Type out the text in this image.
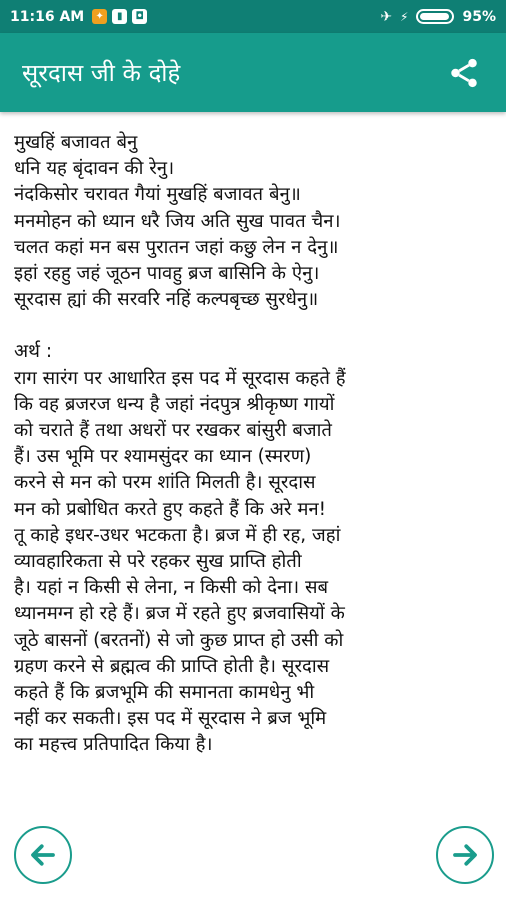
11:16 AM	✦	▮	◘	✈ ⚡	95%
सूरदास जी के दोहे
मुखहिं बजावत बेनु
धनि यह बृंदावन की रेनु।
नंदकिसोर चरावत गैयां मुखहिं बजावत बेनु॥
मनमोहन को ध्यान धरै जिय अति सुख पावत चैन।
चलत कहां मन बस पुरातन जहां कछु लेन न देनु॥
इहां रहहु जहं जूठन पावहु ब्रज बासिनि के ऐनु।
सूरदास ह्यां की सरवरि नहिं कल्पबृच्छ सुरधेनु॥
अर्थ :
राग सारंग पर आधारित इस पद में सूरदास कहते हैं
कि वह ब्रजरज धन्य है जहां नंदपुत्र श्रीकृष्ण गायों
को चराते हैं तथा अधरों पर रखकर बांसुरी बजाते
हैं। उस भूमि पर श्यामसुंदर का ध्यान (स्मरण)
करने से मन को परम शांति मिलती है। सूरदास
मन को प्रबोधित करते हुए कहते हैं कि अरे मन!
तू काहे इधर-उधर भटकता है। ब्रज में ही रह, जहां
व्यावहारिकता से परे रहकर सुख प्राप्ति होती
है। यहां न किसी से लेना, न किसी को देना। सब
ध्यानमग्न हो रहे हैं। ब्रज में रहते हुए ब्रजवासियों के
जूठे बासनों (बरतनों) से जो कुछ प्राप्त हो उसी को
ग्रहण करने से ब्रह्मत्व की प्राप्ति होती है। सूरदास
कहते हैं कि ब्रजभूमि की समानता कामधेनु भी
नहीं कर सकती। इस पद में सूरदास ने ब्रज भूमि
का महत्त्व प्रतिपादित किया है।
